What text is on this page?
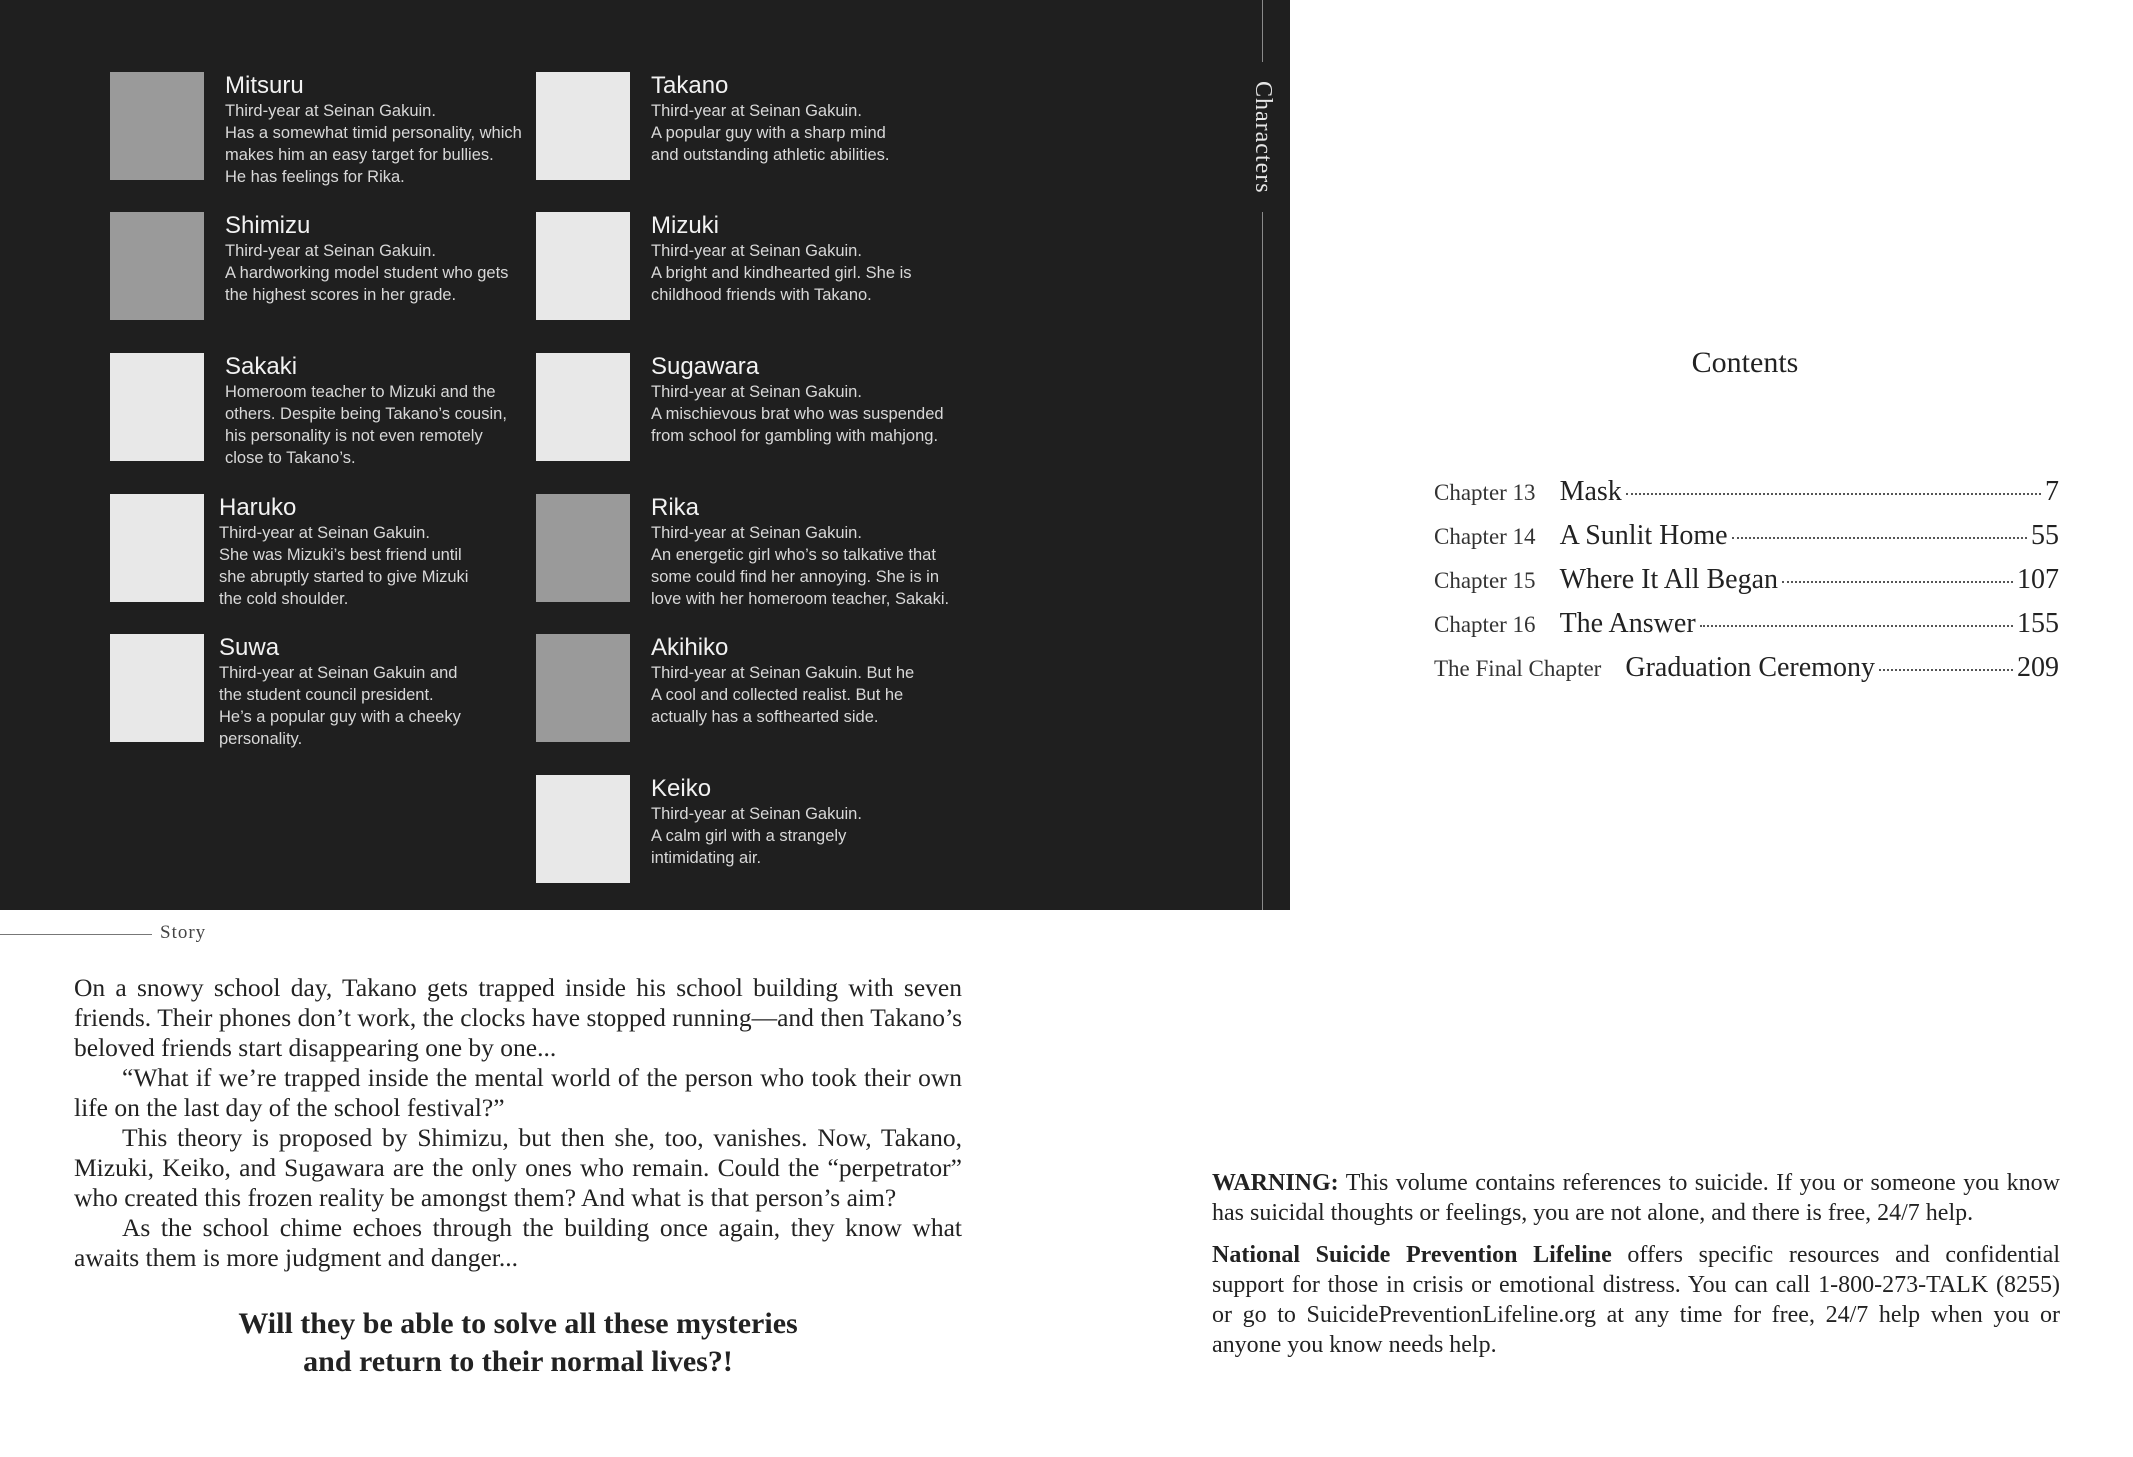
Characters
Mitsuru
Third-year at Seinan Gakuin.
Has a somewhat timid personality, which
makes him an easy target for bullies.
He has feelings for Rika.
Shimizu
Third-year at Seinan Gakuin.
A hardworking model student who gets
the highest scores in her grade.
Sakaki
Homeroom teacher to Mizuki and the
others. Despite being Takano’s cousin,
his personality is not even remotely
close to Takano’s.
Haruko
Third-year at Seinan Gakuin.
She was Mizuki’s best friend until
she abruptly started to give Mizuki
the cold shoulder.
Suwa
Third-year at Seinan Gakuin and
the student council president.
He’s a popular guy with a cheeky
personality.
Takano
Third-year at Seinan Gakuin.
A popular guy with a sharp mind
and outstanding athletic abilities.
Mizuki
Third-year at Seinan Gakuin.
A bright and kindhearted girl. She is
childhood friends with Takano.
Sugawara
Third-year at Seinan Gakuin.
A mischievous brat who was suspended
from school for gambling with mahjong.
Rika
Third-year at Seinan Gakuin.
An energetic girl who’s so talkative that
some could find her annoying. She is in
love with her homeroom teacher, Sakaki.
Akihiko
Third-year at Seinan Gakuin. But he
A cool and collected realist. But he
actually has a softhearted side.
Keiko
Third-year at Seinan Gakuin.
A calm girl with a strangely
intimidating air.
Story

On a snowy school day, Takano gets trapped inside his school building with seven friends. Their phones don’t work, the clocks have stopped running—and then Takano’s beloved friends start disappearing one by one...

“What if we’re trapped inside the mental world of the person who took their own life on the last day of the school festival?”

This theory is proposed by Shimizu, but then she, too, vanishes. Now, Takano, Mizuki, Keiko, and Sugawara are the only ones who remain. Could the “perpetrator” who created this frozen reality be amongst them? And what is that person’s aim?

As the school chime echoes through the building once again, they know what awaits them is more judgment and danger...

Will they be able to solve all these mysteries
and return to their normal lives?!
Contents
Chapter 13 Mask	7
Chapter 14 A Sunlit Home	55
Chapter 15 Where It All Began	107
Chapter 16 The Answer	155
The Final Chapter Graduation Ceremony	209

WARNING: This volume contains references to suicide. If you or someone you know has suicidal thoughts or feelings, you are not alone, and there is free, 24/7 help.

National Suicide Prevention Lifeline offers specific resources and confidential support for those in crisis or emotional distress. You can call 1-800-273-TALK (8255) or go to SuicidePreventionLifeline.org at any time for free, 24/7 help when you or anyone you know needs help.
